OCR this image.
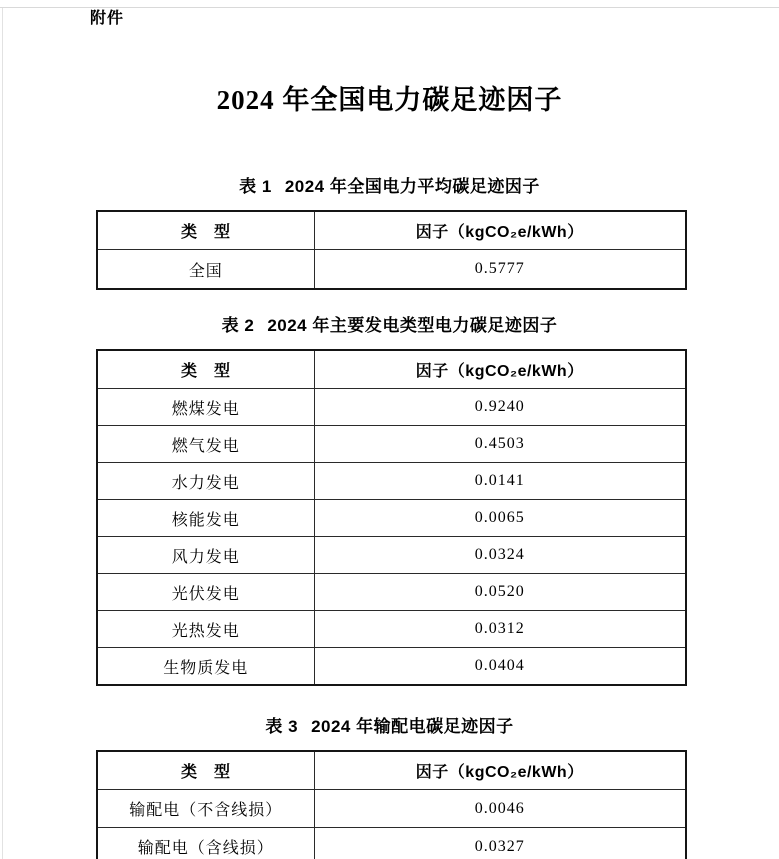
附件
2024 年全国电力碳足迹因子
表 1 2024 年全国电力平均碳足迹因子
类　型	因子（kgCO₂e/kWh）
全国	0.5777
表 2 2024 年主要发电类型电力碳足迹因子
类　型	因子（kgCO₂e/kWh）
燃煤发电	0.9240
燃气发电	0.4503
水力发电	0.0141
核能发电	0.0065
风力发电	0.0324
光伏发电	0.0520
光热发电	0.0312
生物质发电	0.0404
表 3 2024 年输配电碳足迹因子
类　型	因子（kgCO₂e/kWh）
输配电（不含线损）	0.0046
输配电（含线损）	0.0327
